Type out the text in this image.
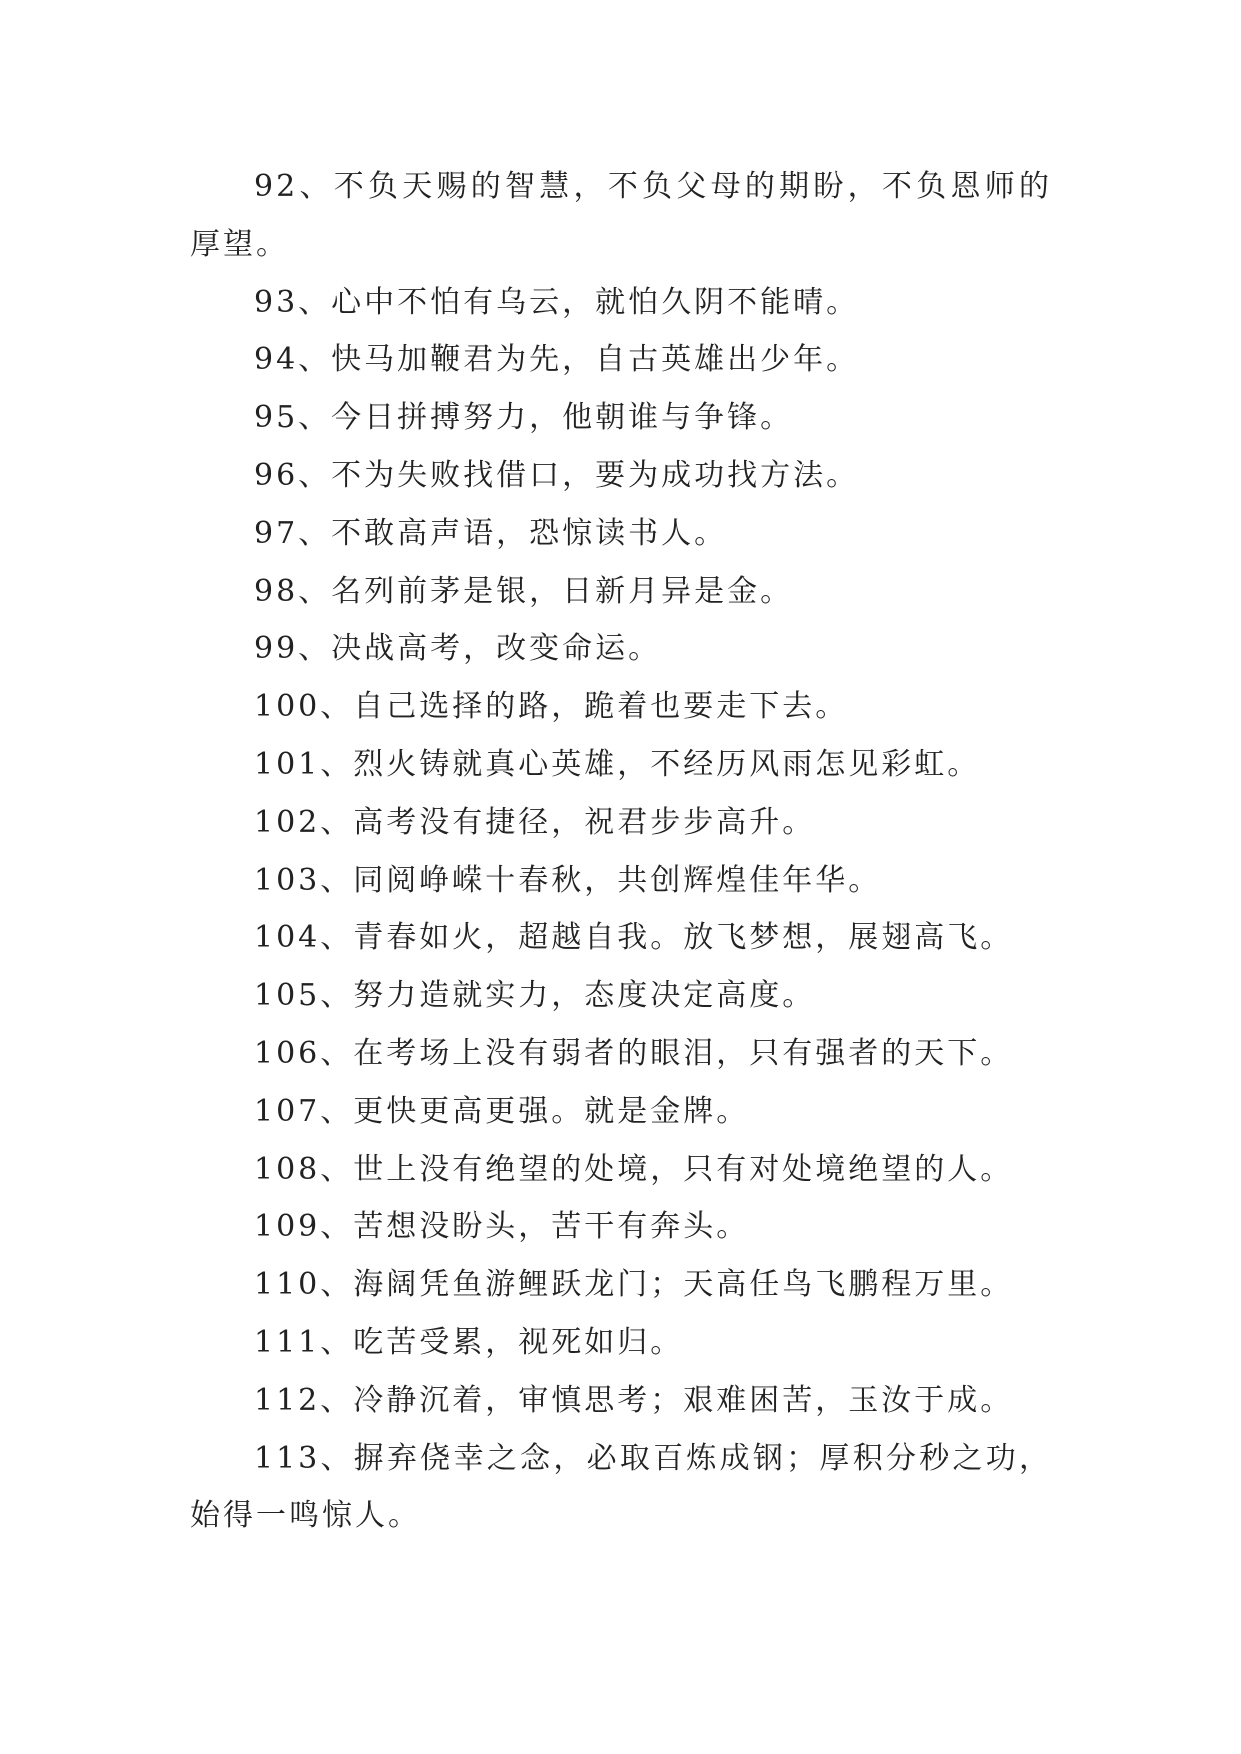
92、不负天赐的智慧，不负父母的期盼，不负恩师的厚望。

93、心中不怕有乌云，就怕久阴不能晴。

94、快马加鞭君为先，自古英雄出少年。

95、今日拼搏努力，他朝谁与争锋。

96、不为失败找借口，要为成功找方法。

97、不敢高声语，恐惊读书人。

98、名列前茅是银，日新月异是金。

99、决战高考，改变命运。

100、自己选择的路，跪着也要走下去。

101、烈火铸就真心英雄，不经历风雨怎见彩虹。

102、高考没有捷径，祝君步步高升。

103、同阅峥嵘十春秋，共创辉煌佳年华。

104、青春如火，超越自我。放飞梦想，展翅高飞。

105、努力造就实力，态度决定高度。

106、在考场上没有弱者的眼泪，只有强者的天下。

107、更快更高更强。就是金牌。

108、世上没有绝望的处境，只有对处境绝望的人。

109、苦想没盼头，苦干有奔头。

110、海阔凭鱼游鲤跃龙门；天高任鸟飞鹏程万里。

111、吃苦受累，视死如归。

112、冷静沉着，审慎思考；艰难困苦，玉汝于成。

113、摒弃侥幸之念，必取百炼成钢；厚积分秒之功，始得一鸣惊人。
